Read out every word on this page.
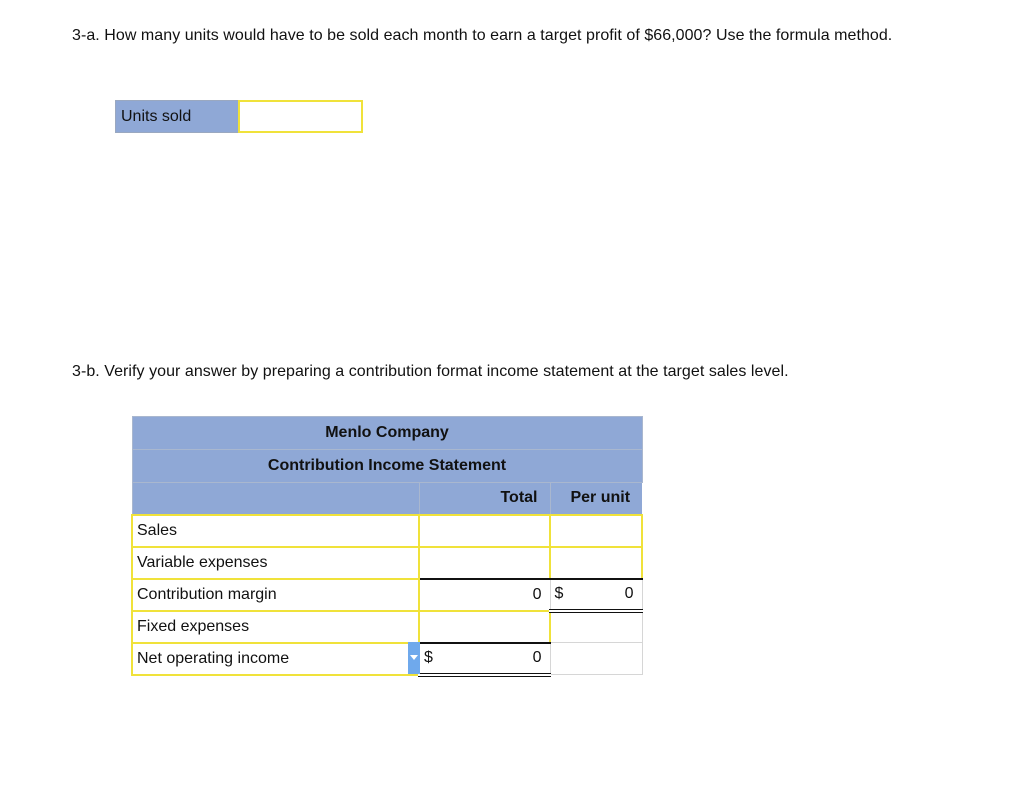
3-a. How many units would have to be sold each month to earn a target profit of $66,000? Use the formula method.
Units sold
3-b. Verify your answer by preparing a contribution format income statement at the target sales level.
Menlo Company		
Contribution Income Statement		
	Total	Per unit
Sales	

Variable expenses	

Contribution margin	0	$ 0

Fixed expenses	

Net operating income	$ 0	
